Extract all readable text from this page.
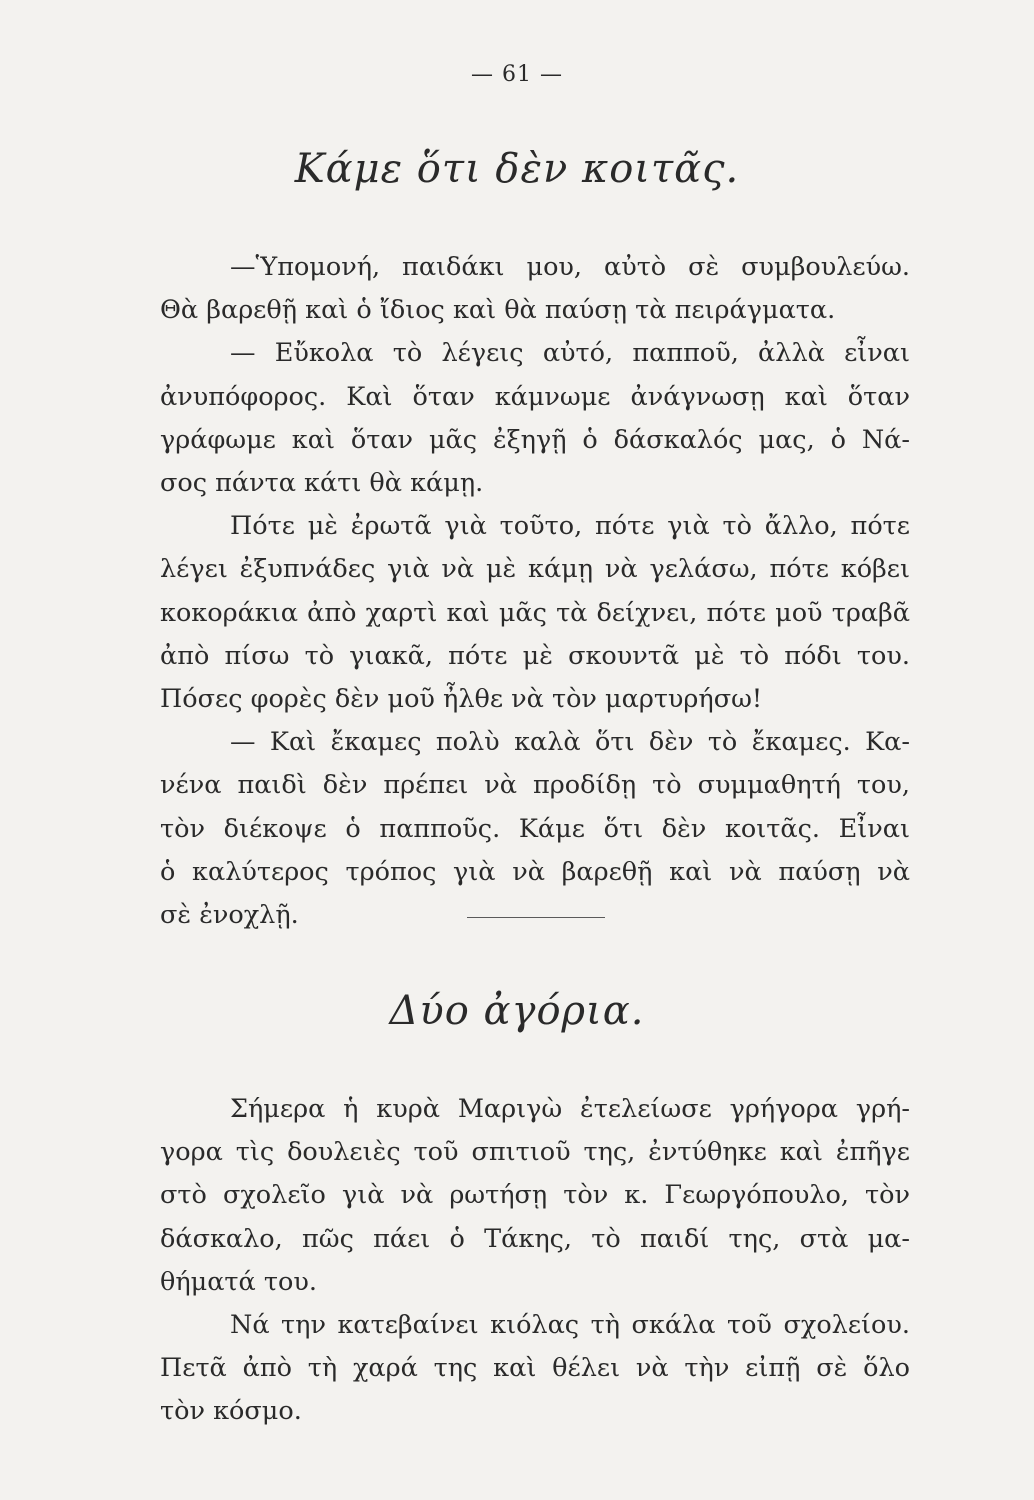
— 61 —
Κάμε ὅτι δὲν κοιτᾶς.

—Ὑπομονή, παιδάκι μου, αὐτὸ σὲ συμβουλεύω.
Θὰ βαρεθῇ καὶ ὁ ἴδιος καὶ θὰ παύσῃ τὰ πειράγματα.

— Εὔκολα τὸ λέγεις αὐτό, παπποῦ, ἀλλὰ εἶναι
ἀνυπόφορος. Καὶ ὅταν κάμνωμε ἀνάγνωσῃ καὶ ὅταν
γράφωμε καὶ ὅταν μᾶς ἐξηγῇ ὁ δάσκαλός μας, ὁ Νά-
σος πάντα κάτι θὰ κάμῃ.

Πότε μὲ ἐρωτᾶ γιὰ τοῦτο, πότε γιὰ τὸ ἄλλο, πότε
λέγει ἐξυπνάδες γιὰ νὰ μὲ κάμῃ νὰ γελάσω, πότε κόβει
κοκοράκια ἀπὸ χαρτὶ καὶ μᾶς τὰ δείχνει, πότε μοῦ τραβᾶ
ἀπὸ πίσω τὸ γιακᾶ, πότε μὲ σκουντᾶ μὲ τὸ πόδι του.
Πόσες φορὲς δὲν μοῦ ἦλθε νὰ τὸν μαρτυρήσω!

— Καὶ ἔκαμες πολὺ καλὰ ὅτι δὲν τὸ ἔκαμες. Κα-
νένα παιδὶ δὲν πρέπει νὰ προδίδῃ τὸ συμμαθητή του,
τὸν διέκοψε ὁ παπποῦς. Κάμε ὅτι δὲν κοιτᾶς. Εἶναι
ὁ καλύτερος τρόπος γιὰ νὰ βαρεθῇ καὶ νὰ παύσῃ νὰ
σὲ ἐνοχλῇ.

Δύο ἀγόρια.

Σήμερα ἡ κυρὰ Μαριγὼ ἐτελείωσε γρήγορα γρή-
γορα τὶς δουλειὲς τοῦ σπιτιοῦ της, ἐντύθηκε καὶ ἐπῆγε
στὸ σχολεῖο γιὰ νὰ ρωτήσῃ τὸν κ. Γεωργόπουλο, τὸν
δάσκαλο, πῶς πάει ὁ Τάκης, τὸ παιδί της, στὰ μα-
θήματά του.

Νά την κατεβαίνει κιόλας τὴ σκάλα τοῦ σχολείου.
Πετᾶ ἀπὸ τὴ χαρά της καὶ θέλει νὰ τὴν εἰπῇ σὲ ὅλο
τὸν κόσμο.
